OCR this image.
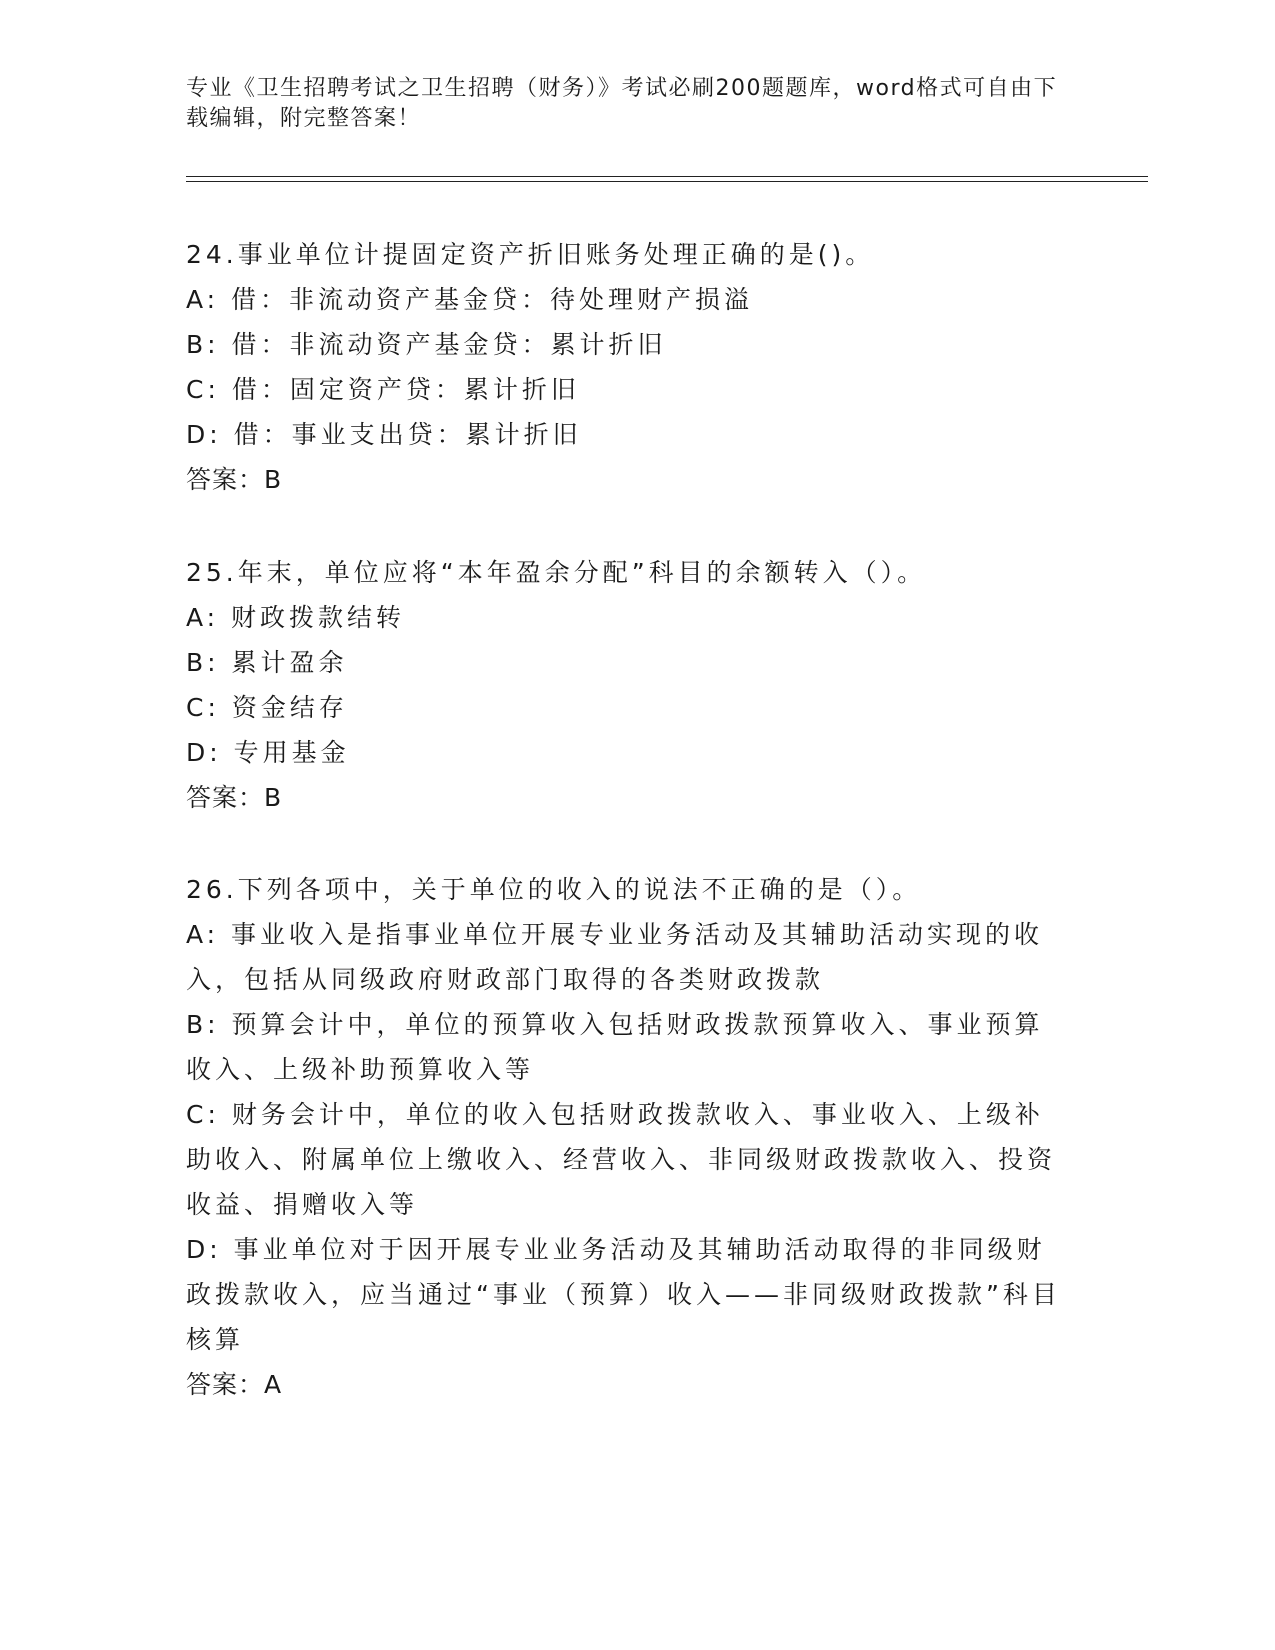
专业《卫生招聘考试之卫生招聘（财务）》考试必刷200题题库，word格式可自由下载编辑，附完整答案！
24.事业单位计提固定资产折旧账务处理正确的是()。
A: 借：非流动资产基金贷：待处理财产损溢
B: 借：非流动资产基金贷：累计折旧
C: 借：固定资产贷：累计折旧
D: 借：事业支出贷：累计折旧
答案：B
25.年末，单位应将“本年盈余分配”科目的余额转入（）。
A: 财政拨款结转
B: 累计盈余
C: 资金结存
D: 专用基金
答案：B
26.下列各项中，关于单位的收入的说法不正确的是（）。
A: 事业收入是指事业单位开展专业业务活动及其辅助活动实现的收入，包括从同级政府财政部门取得的各类财政拨款
B: 预算会计中，单位的预算收入包括财政拨款预算收入、事业预算收入、上级补助预算收入等
C: 财务会计中，单位的收入包括财政拨款收入、事业收入、上级补助收入、附属单位上缴收入、经营收入、非同级财政拨款收入、投资收益、捐赠收入等
D: 事业单位对于因开展专业业务活动及其辅助活动取得的非同级财政拨款收入，应当通过“事业（预算）收入——非同级财政拨款”科目核算
答案：A
